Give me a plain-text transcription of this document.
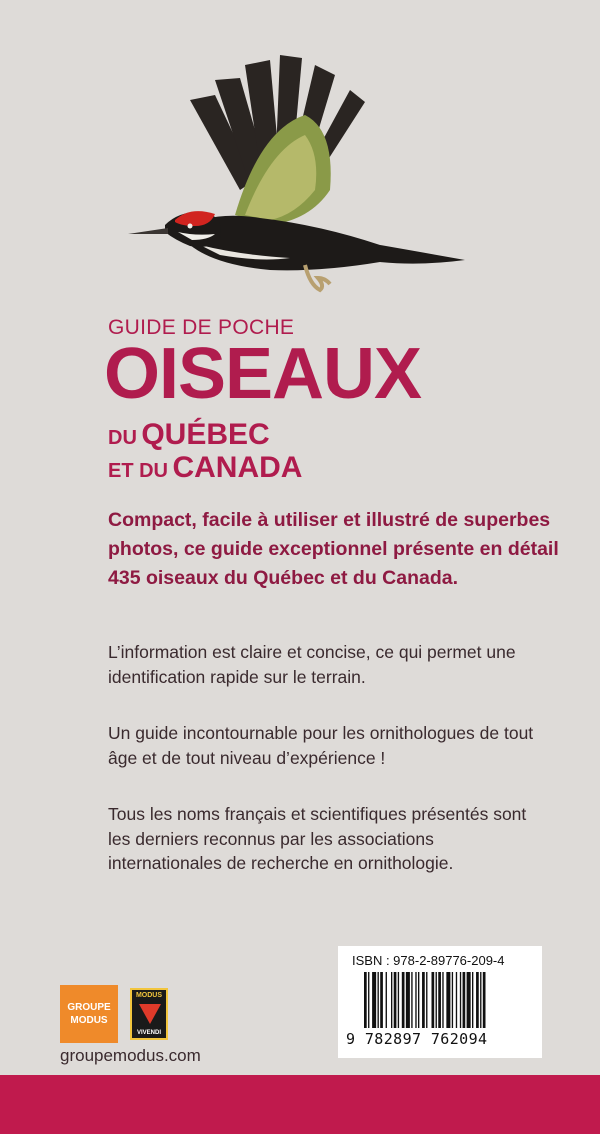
GUIDE DE POCHE
OISEAUX
DU QUÉBEC
ET DU CANADA
Compact, facile à utiliser et illustré de superbes photos, ce guide exceptionnel présente en détail 435 oiseaux du Québec et du Canada.
L’information est claire et concise, ce qui permet une identification rapide sur le terrain.
Un guide incontournable pour les ornithologues de tout âge et de tout niveau d’expérience !
Tous les noms français et scientifiques présentés sont les derniers reconnus par les associations internationales de recherche en ornithologie.
GROUPE
MODUS
MODUS
VIVENDI
groupemodus.com
ISBN : 978-2-89776-209-4
9 782897 762094
